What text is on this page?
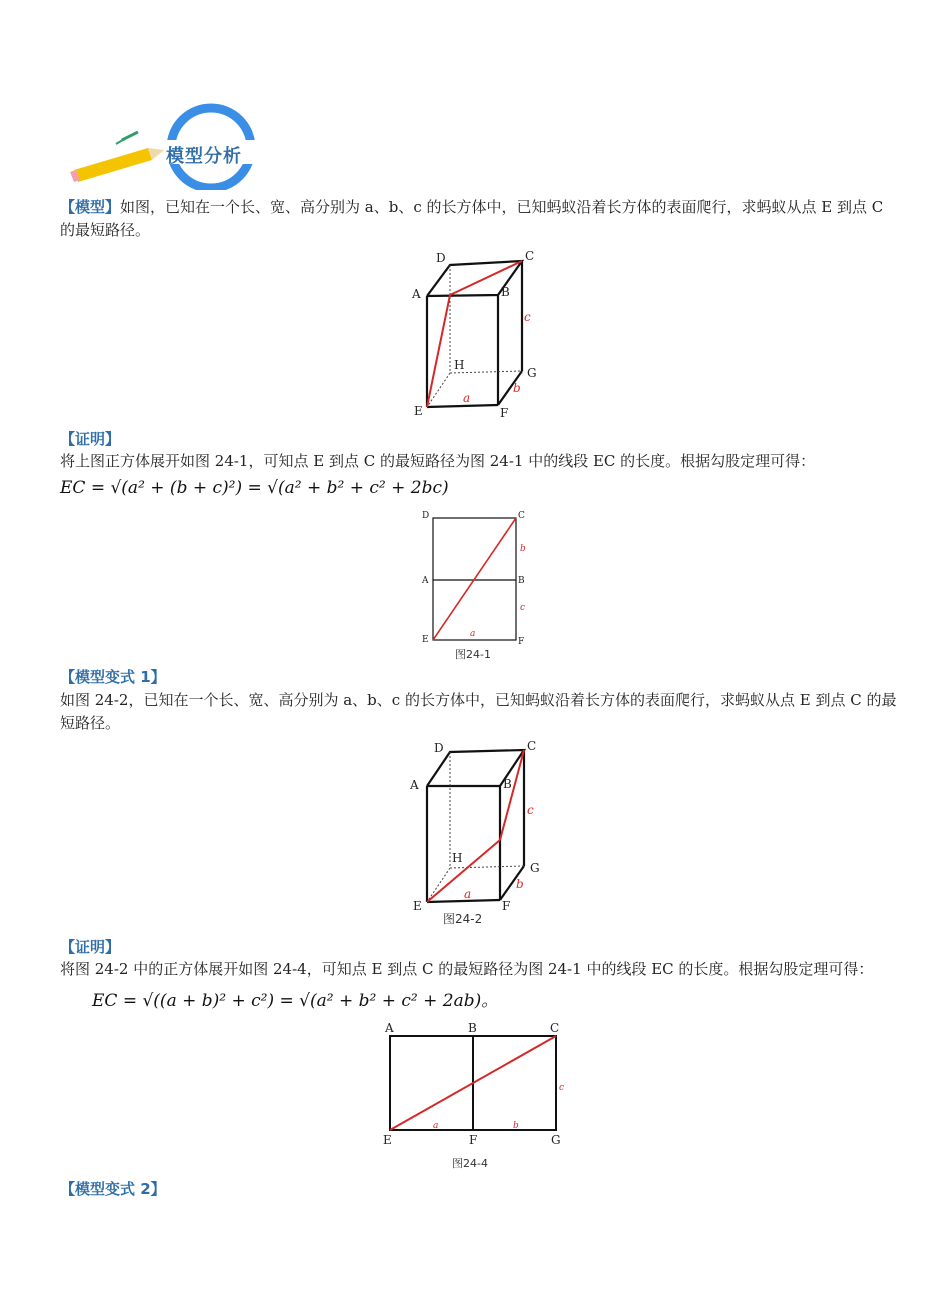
模型分析
【模型】如图，已知在一个长、宽、高分别为 a、b、c 的长方体中，已知蚂蚁沿着长方体的表面爬行，求蚂蚁从点 E 到点 C 的最短路径。
D	C
A	B
H
G
E	F
a
b
c
【证明】
将上图正方体展开如图 24-1，可知点 E 到点 C 的最短路径为图 24-1 中的线段 EC 的长度。根据勾股定理可得：
EC = √(a² + (b + c)²) = √(a² + b² + c² + 2bc)
D	C
A	B
E	F
b
c
a
图24-1
【模型变式 1】
如图 24-2，已知在一个长、宽、高分别为 a、b、c 的长方体中，已知蚂蚁沿着长方体的表面爬行，求蚂蚁从点 E 到点 C 的最短路径。
D	C
A	B
H
G
E	F
a
b
c
图24-2
【证明】
将图 24-2 中的正方体展开如图 24-4，可知点 E 到点 C 的最短路径为图 24-1 中的线段 EC 的长度。根据勾股定理可得：
EC = √((a + b)² + c²) = √(a² + b² + c² + 2ab)。
A	B	C
E	F	G
a	b
c
图24-4
【模型变式 2】
